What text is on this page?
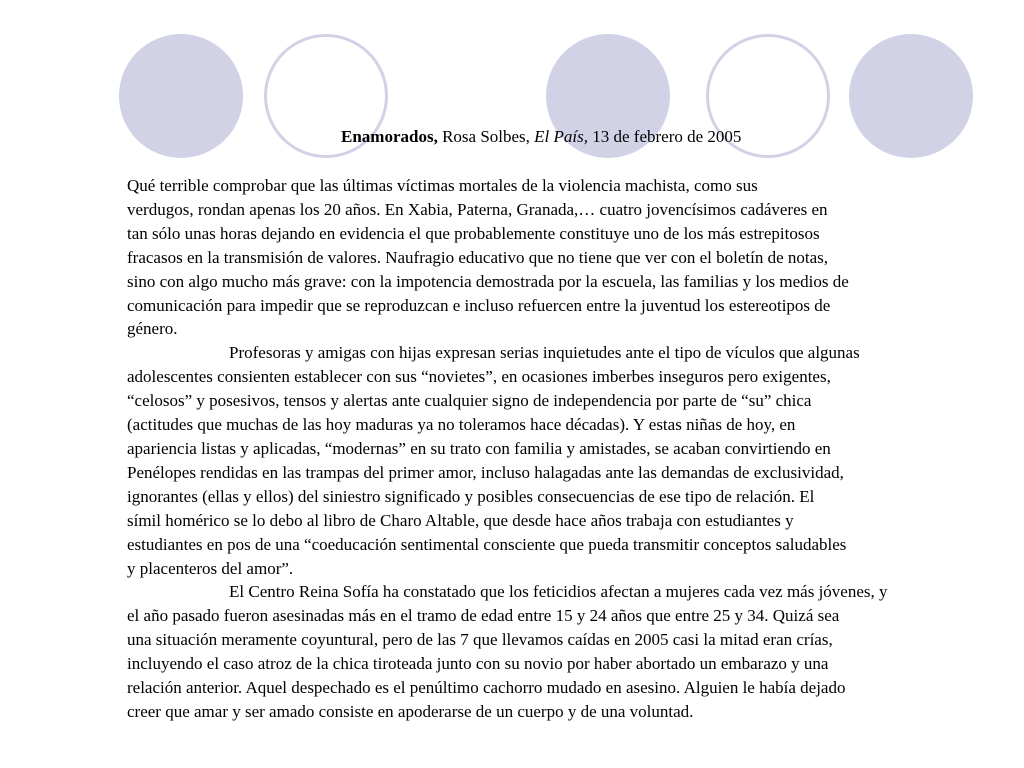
Enamorados, Rosa Solbes, El País, 13 de febrero de 2005
Qué terrible comprobar que las últimas víctimas mortales de la violencia machista, como sus
verdugos, rondan apenas los 20 años. En Xabia, Paterna, Granada,… cuatro jovencísimos cadáveres en
tan sólo unas horas dejando en evidencia el que probablemente constituye uno de los más estrepitosos
fracasos en la transmisión de valores. Naufragio educativo que no tiene que ver con el boletín de notas,
sino con algo mucho más grave: con la impotencia demostrada por la escuela, las familias y los medios de
comunicación para impedir que se reproduzcan e incluso refuercen entre la juventud los estereotipos de
género.
Profesoras y amigas con hijas expresan serias inquietudes ante el tipo de vículos que algunas
adolescentes consienten establecer con sus “novietes”, en ocasiones imberbes inseguros pero exigentes,
“celosos” y posesivos, tensos y alertas ante cualquier signo de independencia por parte de “su” chica
(actitudes que muchas de las hoy maduras ya no toleramos hace décadas). Y estas niñas de hoy, en
apariencia listas y aplicadas, “modernas” en su trato con familia y amistades, se acaban convirtiendo en
Penélopes rendidas en las trampas del primer amor, incluso halagadas ante las demandas de exclusividad,
ignorantes (ellas y ellos) del siniestro significado y posibles consecuencias de ese tipo de relación. El
símil homérico se lo debo al libro de Charo Altable, que desde hace años trabaja con estudiantes y
estudiantes en pos de una “coeducación sentimental consciente que pueda transmitir conceptos saludables
y placenteros del amor”.
El Centro Reina Sofía ha constatado que los feticidios afectan a mujeres cada vez más jóvenes, y
el año pasado fueron asesinadas más en el tramo de edad entre 15 y 24 años que entre 25 y 34. Quizá sea
una situación meramente coyuntural, pero de las 7 que llevamos caídas en 2005 casi la mitad eran crías,
incluyendo el caso atroz de la chica tiroteada junto con su novio por haber abortado un embarazo y una
relación anterior. Aquel despechado es el penúltimo cachorro mudado en asesino. Alguien le había dejado
creer que amar y ser amado consiste en apoderarse de un cuerpo y de una voluntad.
